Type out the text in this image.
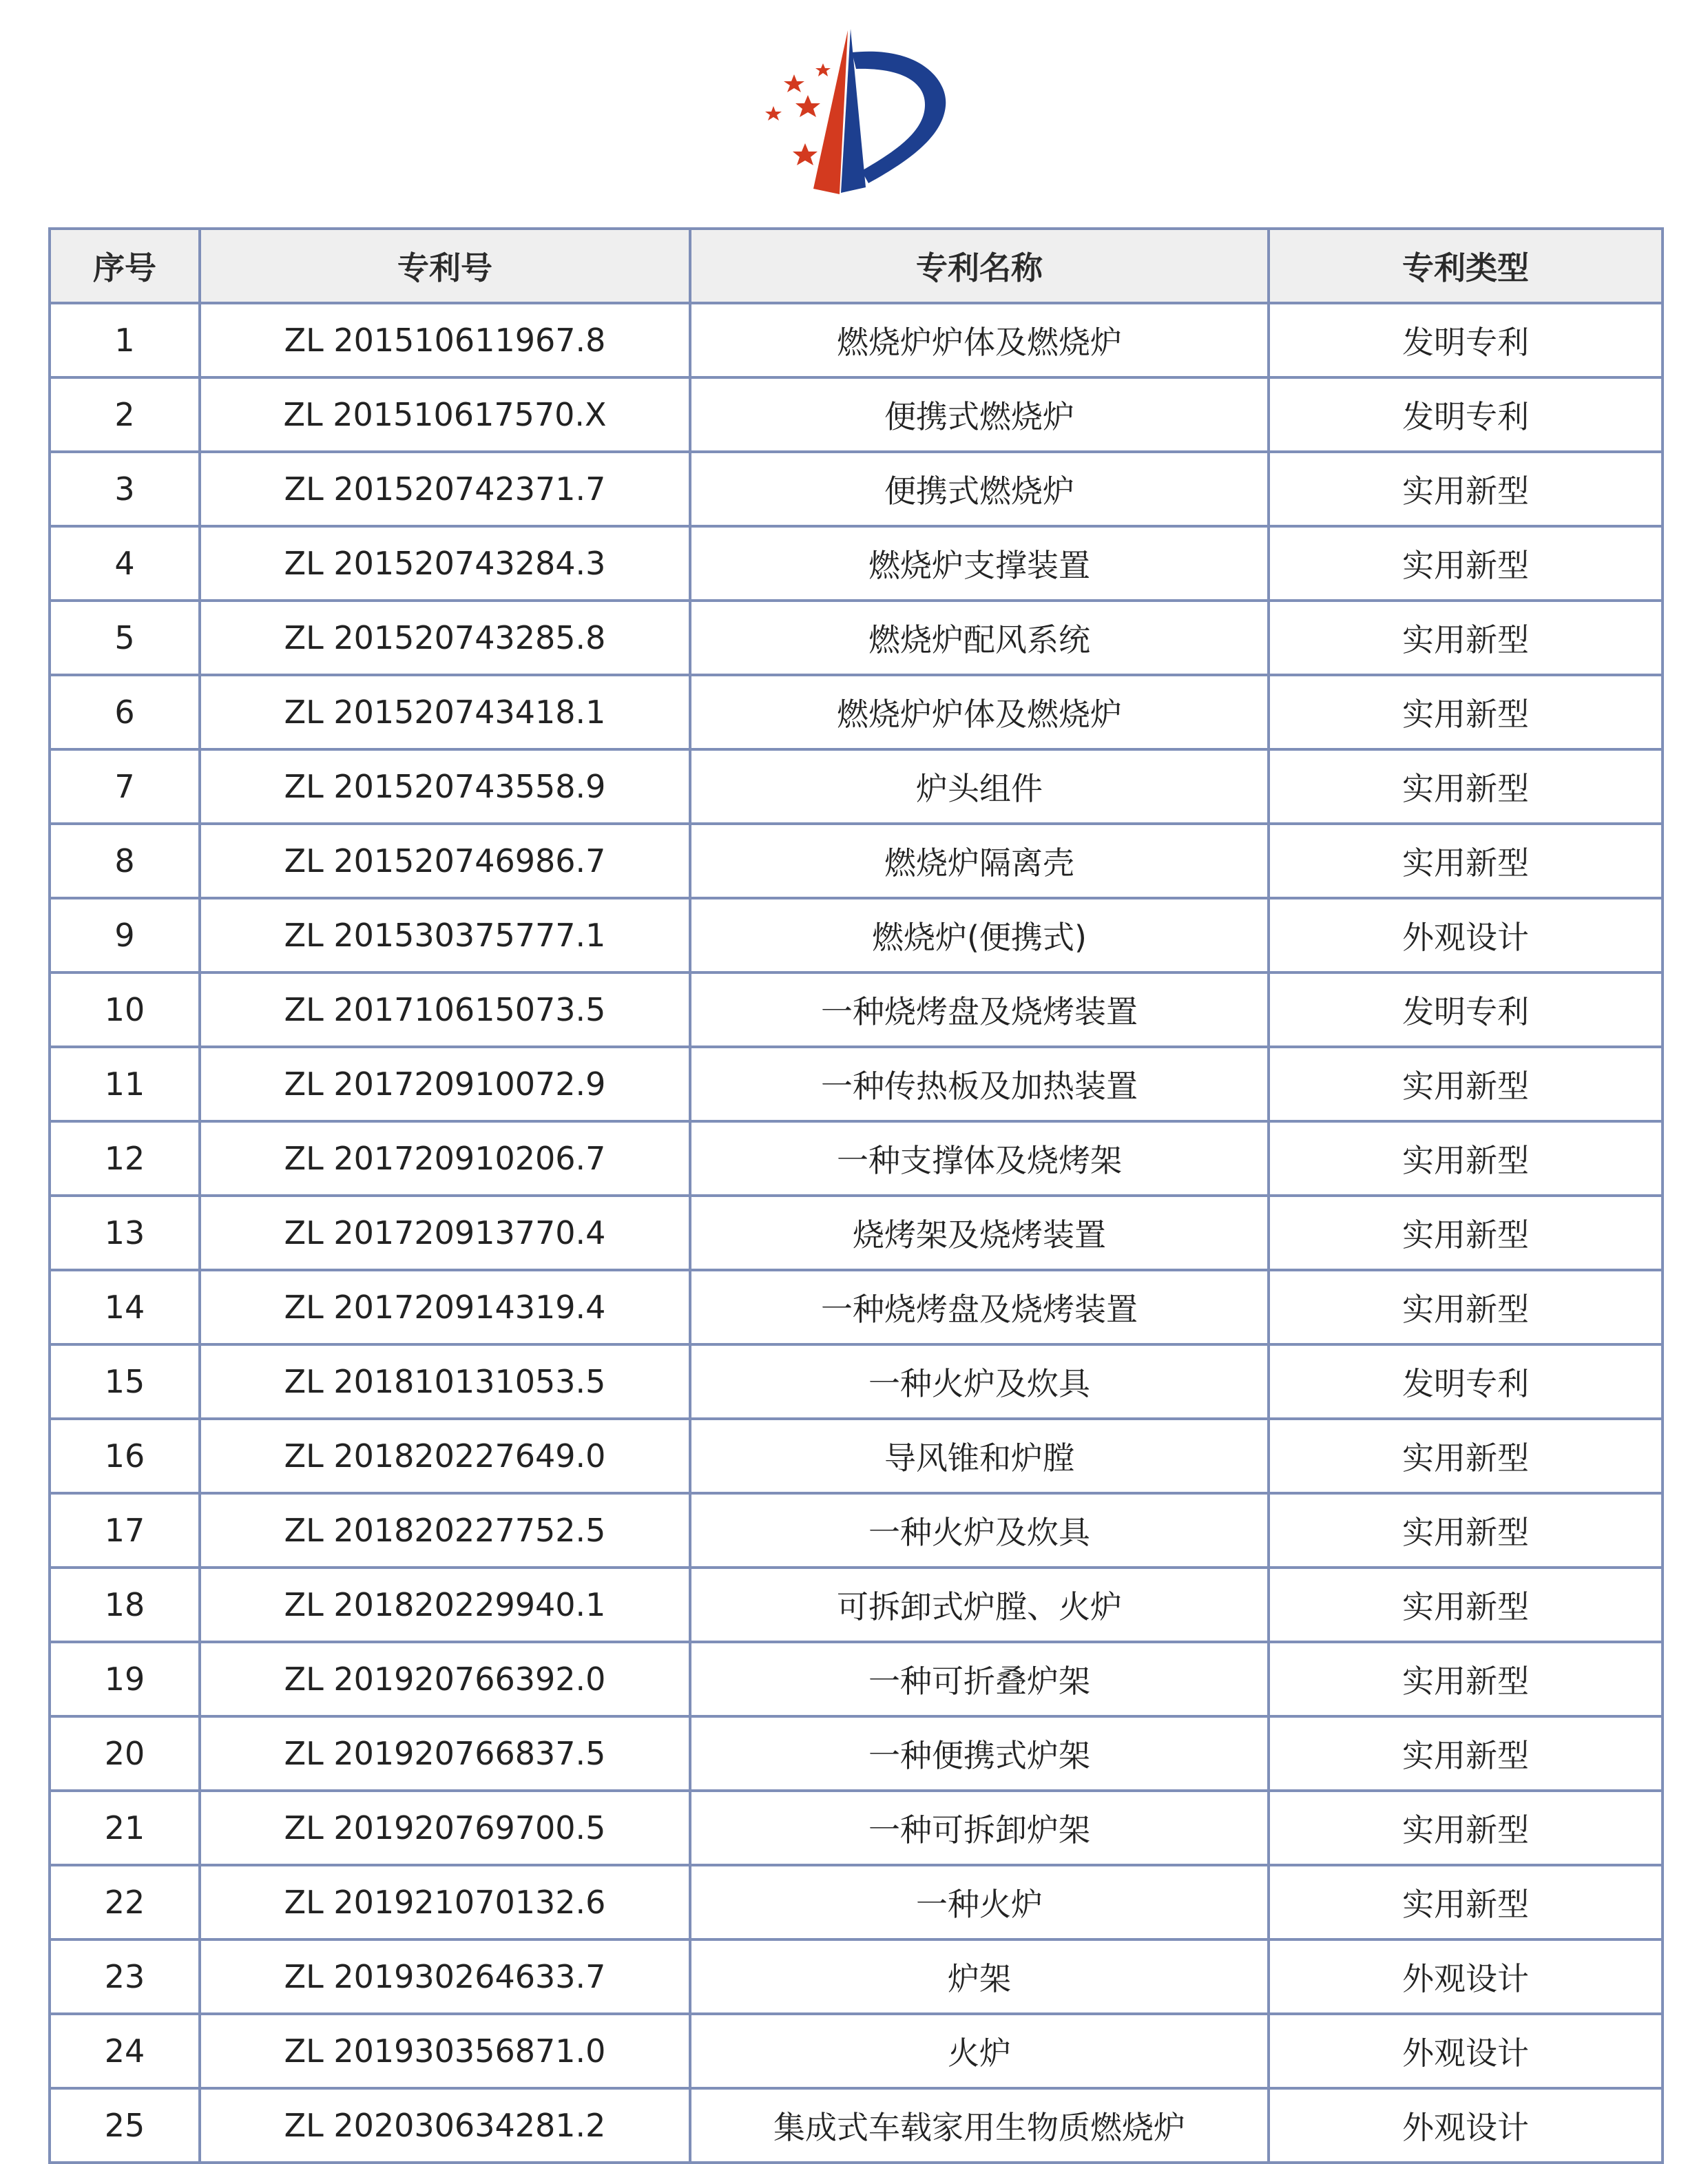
序号	专利号	专利名称	专利类型
1	ZL 201510611967.8	燃烧炉炉体及燃烧炉	发明专利
2	ZL 201510617570.X	便携式燃烧炉	发明专利
3	ZL 201520742371.7	便携式燃烧炉	实用新型
4	ZL 201520743284.3	燃烧炉支撑装置	实用新型
5	ZL 201520743285.8	燃烧炉配风系统	实用新型
6	ZL 201520743418.1	燃烧炉炉体及燃烧炉	实用新型
7	ZL 201520743558.9	炉头组件	实用新型
8	ZL 201520746986.7	燃烧炉隔离壳	实用新型
9	ZL 201530375777.1	燃烧炉(便携式)	外观设计
10	ZL 201710615073.5	一种烧烤盘及烧烤装置	发明专利
11	ZL 201720910072.9	一种传热板及加热装置	实用新型
12	ZL 201720910206.7	一种支撑体及烧烤架	实用新型
13	ZL 201720913770.4	烧烤架及烧烤装置	实用新型
14	ZL 201720914319.4	一种烧烤盘及烧烤装置	实用新型
15	ZL 201810131053.5	一种火炉及炊具	发明专利
16	ZL 201820227649.0	导风锥和炉膛	实用新型
17	ZL 201820227752.5	一种火炉及炊具	实用新型
18	ZL 201820229940.1	可拆卸式炉膛、火炉	实用新型
19	ZL 201920766392.0	一种可折叠炉架	实用新型
20	ZL 201920766837.5	一种便携式炉架	实用新型
21	ZL 201920769700.5	一种可拆卸炉架	实用新型
22	ZL 201921070132.6	一种火炉	实用新型
23	ZL 201930264633.7	炉架	外观设计
24	ZL 201930356871.0	火炉	外观设计
25	ZL 202030634281.2	集成式车载家用生物质燃烧炉	外观设计
